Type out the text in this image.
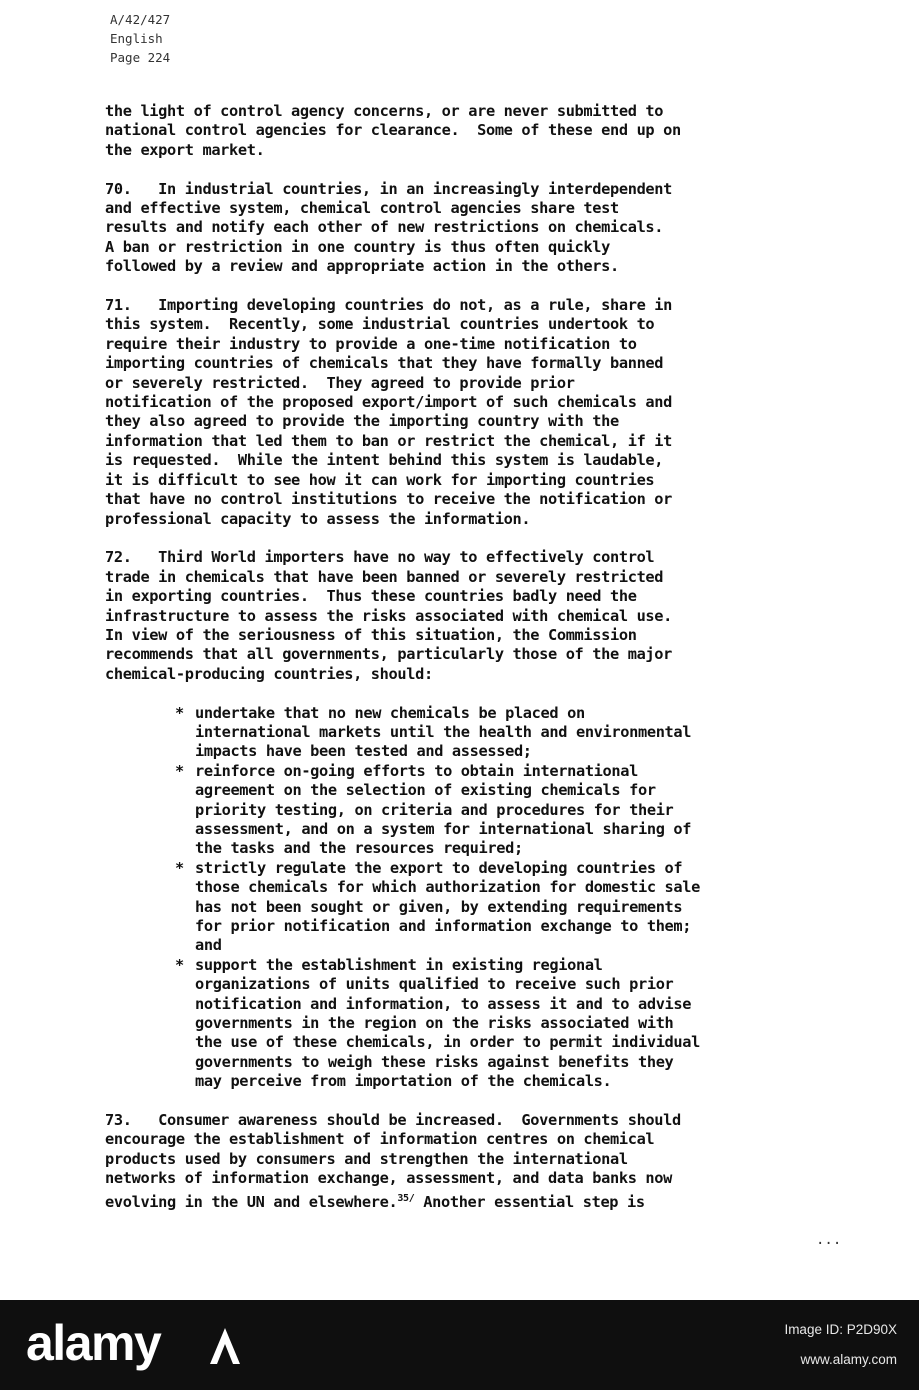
A/42/427
English
Page 224
the light of control agency concerns, or are never submitted to
national control agencies for clearance.  Some of these end up on
the export market.
70.   In industrial countries, in an increasingly interdependent
and effective system, chemical control agencies share test
results and notify each other of new restrictions on chemicals.
A ban or restriction in one country is thus often quickly
followed by a review and appropriate action in the others.
71.   Importing developing countries do not, as a rule, share in
this system.  Recently, some industrial countries undertook to
require their industry to provide a one-time notification to
importing countries of chemicals that they have formally banned
or severely restricted.  They agreed to provide prior
notification of the proposed export/import of such chemicals and
they also agreed to provide the importing country with the
information that led them to ban or restrict the chemical, if it
is requested.  While the intent behind this system is laudable,
it is difficult to see how it can work for importing countries
that have no control institutions to receive the notification or
professional capacity to assess the information.
72.   Third World importers have no way to effectively control
trade in chemicals that have been banned or severely restricted
in exporting countries.  Thus these countries badly need the
infrastructure to assess the risks associated with chemical use.
In view of the seriousness of this situation, the Commission
recommends that all governments, particularly those of the major
chemical-producing countries, should:
* undertake that no new chemicals be placed on
international markets until the health and environmental
impacts have been tested and assessed;
* reinforce on-going efforts to obtain international
agreement on the selection of existing chemicals for
priority testing, on criteria and procedures for their
assessment, and on a system for international sharing of
the tasks and the resources required;
* strictly regulate the export to developing countries of
those chemicals for which authorization for domestic sale
has not been sought or given, by extending requirements
for prior notification and information exchange to them;
and
* support the establishment in existing regional
organizations of units qualified to receive such prior
notification and information, to assess it and to advise
governments in the region on the risks associated with
the use of these chemicals, in order to permit individual
governments to weigh these risks against benefits they
may perceive from importation of the chemicals.
73.   Consumer awareness should be increased.  Governments should
encourage the establishment of information centres on chemical
products used by consumers and strengthen the international
networks of information exchange, assessment, and data banks now
evolving in the UN and elsewhere.$^{35/}$ Another essential step is
...
alamy	Image ID: P2D90X
www.alamy.com
